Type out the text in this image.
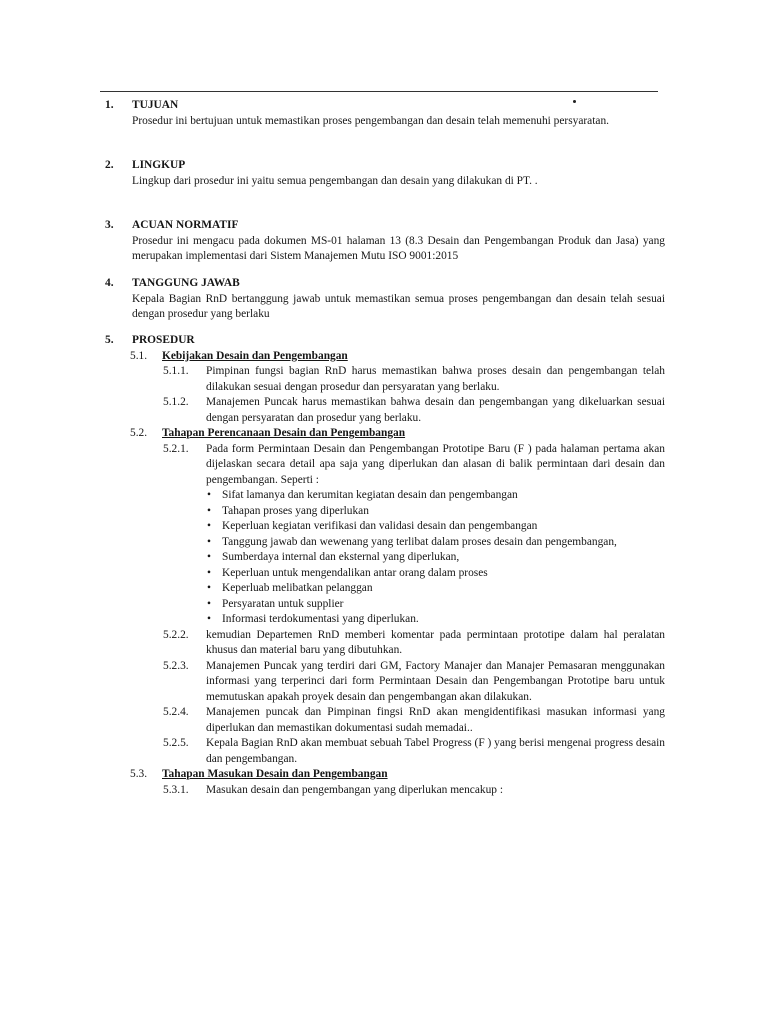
1.	TUJUAN
Prosedur ini bertujuan untuk memastikan proses pengembangan dan desain telah memenuhi persyaratan.
2.	LINGKUP
Lingkup dari prosedur ini yaitu semua pengembangan dan desain yang dilakukan di PT. .
3.	ACUAN NORMATIF
Prosedur ini mengacu pada dokumen MS-01 halaman 13 (8.3 Desain dan Pengembangan Produk dan Jasa) yang merupakan implementasi dari Sistem Manajemen Mutu ISO 9001:2015
4.	TANGGUNG JAWAB
Kepala Bagian RnD bertanggung jawab untuk memastikan semua proses pengembangan dan desain telah sesuai dengan prosedur yang berlaku
5.	PROSEDUR
5.1.	Kebijakan Desain dan Pengembangan
5.1.1.	Pimpinan fungsi bagian RnD harus memastikan bahwa proses desain dan pengembangan telah dilakukan sesuai dengan prosedur dan persyaratan yang berlaku.
5.1.2.	Manajemen Puncak harus memastikan bahwa desain dan pengembangan yang dikeluarkan sesuai dengan persyaratan dan prosedur yang berlaku.
5.2.	Tahapan Perencanaan Desain dan Pengembangan
5.2.1.	Pada form Permintaan Desain dan Pengembangan Prototipe Baru (F ) pada halaman pertama akan dijelaskan secara detail apa saja yang diperlukan dan alasan di balik permintaan dari desain dan pengembangan. Seperti :
• Sifat lamanya dan kerumitan kegiatan desain dan pengembangan
• Tahapan proses yang diperlukan
• Keperluan kegiatan verifikasi dan validasi desain dan pengembangan
• Tanggung jawab dan wewenang yang terlibat dalam proses desain dan pengembangan,
• Sumberdaya internal dan eksternal yang diperlukan,
• Keperluan untuk mengendalikan antar orang dalam proses
• Keperluab melibatkan pelanggan
• Persyaratan untuk supplier
• Informasi terdokumentasi yang diperlukan.
5.2.2.	kemudian Departemen RnD memberi komentar pada permintaan prototipe dalam hal peralatan khusus dan material baru yang dibutuhkan.
5.2.3.	Manajemen Puncak yang terdiri dari GM, Factory Manajer dan Manajer Pemasaran menggunakan informasi yang terperinci dari form Permintaan Desain dan Pengembangan Prototipe baru untuk memutuskan apakah proyek desain dan pengembangan akan dilakukan.
5.2.4.	Manajemen puncak dan Pimpinan fingsi RnD akan mengidentifikasi masukan informasi yang diperlukan dan memastikan dokumentasi sudah memadai..
5.2.5.	Kepala Bagian RnD akan membuat sebuah Tabel Progress (F ) yang berisi mengenai progress desain dan pengembangan.
5.3.	Tahapan Masukan Desain dan Pengembangan
5.3.1.	Masukan desain dan pengembangan yang diperlukan mencakup :
